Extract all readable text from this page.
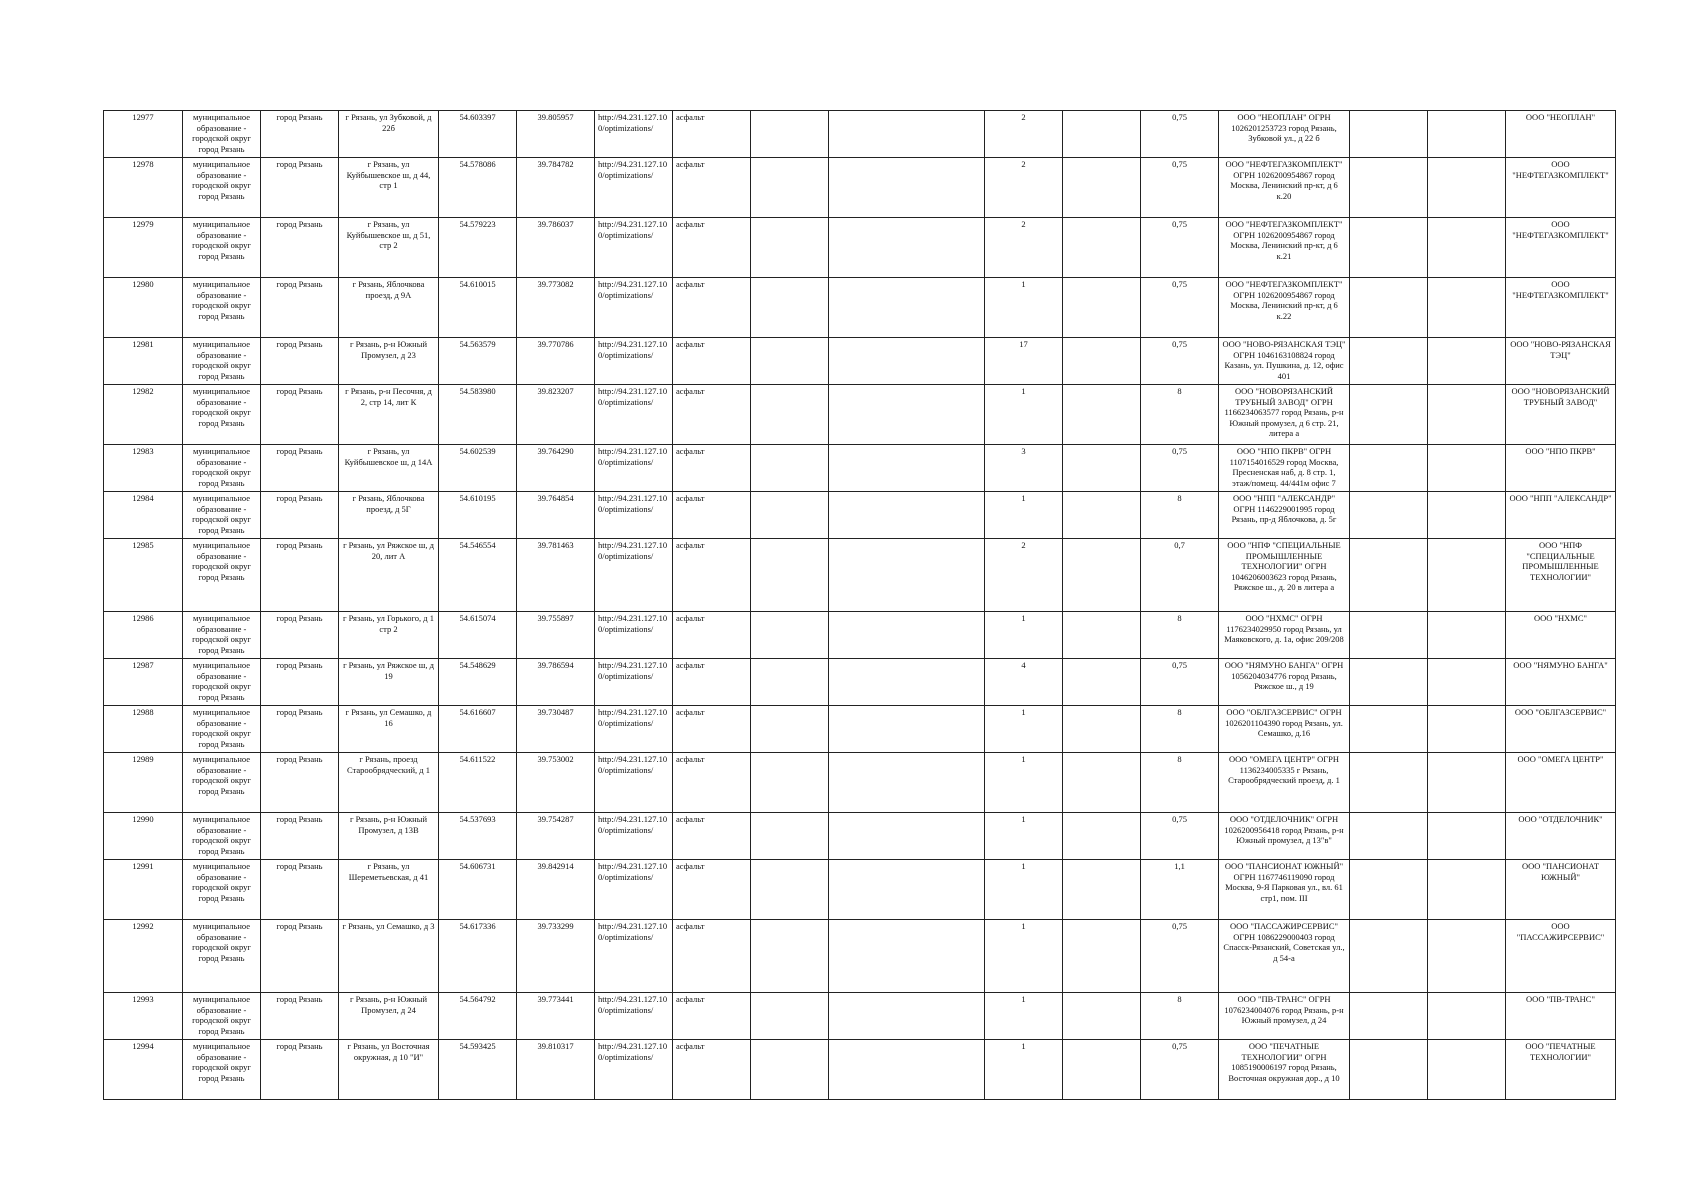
12977	муниципальное образование - городской округ город Рязань	город Рязань	г Рязань, ул Зубковой, д 22б	54.603397	39.805957	http://94.231.127.100/optimizations/	асфальт			2		0,75	ООО "НЕОПЛАН" ОГРН 1026201253723 город Рязань, Зубковой ул., д 22 б			ООО "НЕОПЛАН"
12978	муниципальное образование - городской округ город Рязань	город Рязань	г Рязань, ул Куйбышевское ш, д 44, стр 1	54.578086	39.784782	http://94.231.127.100/optimizations/	асфальт			2		0,75	ООО "НЕФТЕГАЗКОМПЛЕКТ" ОГРН 1026200954867 город Москва, Ленинский пр-кт, д 6 к.20			ООО "НЕФТЕГАЗКОМПЛЕКТ"
12979	муниципальное образование - городской округ город Рязань	город Рязань	г Рязань, ул Куйбышевское ш, д 51, стр 2	54.579223	39.786037	http://94.231.127.100/optimizations/	асфальт			2		0,75	ООО "НЕФТЕГАЗКОМПЛЕКТ" ОГРН 1026200954867 город Москва, Ленинский пр-кт, д 6 к.21			ООО "НЕФТЕГАЗКОМПЛЕКТ"
12980	муниципальное образование - городской округ город Рязань	город Рязань	г Рязань, Яблочкова проезд, д 9А	54.610015	39.773082	http://94.231.127.100/optimizations/	асфальт			1		0,75	ООО "НЕФТЕГАЗКОМПЛЕКТ" ОГРН 1026200954867 город Москва, Ленинский пр-кт, д 6 к.22			ООО "НЕФТЕГАЗКОМПЛЕКТ"
12981	муниципальное образование - городской округ город Рязань	город Рязань	г Рязань, р-н Южный Промузел, д 23	54.563579	39.770786	http://94.231.127.100/optimizations/	асфальт			17		0,75	ООО "НОВО-РЯЗАНСКАЯ ТЭЦ" ОГРН 1046163108824 город Казань, ул. Пушкина, д. 12, офис 401			ООО "НОВО-РЯЗАНСКАЯ ТЭЦ"
12982	муниципальное образование - городской округ город Рязань	город Рязань	г Рязань, р-н Песочня, д 2, стр 14, лит К	54.583980	39.823207	http://94.231.127.100/optimizations/	асфальт			1		8	ООО "НОВОРЯЗАНСКИЙ ТРУБНЫЙ ЗАВОД" ОГРН 1166234063577 город Рязань, р-н Южный промузел, д 6 стр. 21, литера а			ООО "НОВОРЯЗАНСКИЙ ТРУБНЫЙ ЗАВОД"
12983	муниципальное образование - городской округ город Рязань	город Рязань	г Рязань, ул Куйбышевское ш, д 14А	54.602539	39.764290	http://94.231.127.100/optimizations/	асфальт			3		0,75	ООО "НПО ПКРВ" ОГРН 1107154016529 город Москва, Пресненская наб, д. 8 стр. 1, этаж/помещ. 44/441м офис 7			ООО "НПО ПКРВ"
12984	муниципальное образование - городской округ город Рязань	город Рязань	г Рязань, Яблочкова проезд, д 5Г	54.610195	39.764854	http://94.231.127.100/optimizations/	асфальт			1		8	ООО "НПП "АЛЕКСАНДР" ОГРН 1146229001995 город Рязань, пр-д Яблочкова, д. 5г			ООО "НПП "АЛЕКСАНДР"
12985	муниципальное образование - городской округ город Рязань	город Рязань	г Рязань, ул Ряжское ш, д 20, лит А	54.546554	39.781463	http://94.231.127.100/optimizations/	асфальт			2		0,7	ООО "НПФ "СПЕЦИАЛЬНЫЕ ПРОМЫШЛЕННЫЕ ТЕХНОЛОГИИ" ОГРН 1046206003623 город Рязань, Ряжское ш., д. 20 в литера а			ООО "НПФ "СПЕЦИАЛЬНЫЕ ПРОМЫШЛЕННЫЕ ТЕХНОЛОГИИ"
12986	муниципальное образование - городской округ город Рязань	город Рязань	г Рязань, ул Горького, д 1 стр 2	54.615074	39.755897	http://94.231.127.100/optimizations/	асфальт			1		8	ООО "НХМС" ОГРН 1176234029950 город Рязань, ул Маяковского, д. 1а, офис 209/208			ООО "НХМС"
12987	муниципальное образование - городской округ город Рязань	город Рязань	г Рязань, ул Ряжское ш, д 19	54.548629	39.786594	http://94.231.127.100/optimizations/	асфальт			4		0,75	ООО "НЯМУНО БАНГА" ОГРН 1056204034776 город Рязань, Ряжское ш., д 19			ООО "НЯМУНО БАНГА"
12988	муниципальное образование - городской округ город Рязань	город Рязань	г Рязань, ул Семашко, д 16	54.616607	39.730487	http://94.231.127.100/optimizations/	асфальт			1		8	ООО "ОБЛГАЗСЕРВИС" ОГРН 1026201104390 город Рязань, ул. Семашко, д.16			ООО "ОБЛГАЗСЕРВИС"
12989	муниципальное образование - городской округ город Рязань	город Рязань	г Рязань, проезд Старообрядческий, д 1	54.611522	39.753002	http://94.231.127.100/optimizations/	асфальт			1		8	ООО "ОМЕГА ЦЕНТР" ОГРН 1136234005335 г Рязань, Старообрядческий проезд, д. 1			ООО "ОМЕГА ЦЕНТР"
12990	муниципальное образование - городской округ город Рязань	город Рязань	г Рязань, р-н Южный Промузел, д 13В	54.537693	39.754287	http://94.231.127.100/optimizations/	асфальт			1		0,75	ООО "ОТДЕЛОЧНИК" ОГРН 1026200956418 город Рязань, р-н Южный промузел, д 13"в"			ООО "ОТДЕЛОЧНИК"
12991	муниципальное образование - городской округ город Рязань	город Рязань	г Рязань, ул Шереметьевская, д 41	54.606731	39.842914	http://94.231.127.100/optimizations/	асфальт			1		1,1	ООО "ПАНСИОНАТ ЮЖНЫЙ" ОГРН 1167746119090 город Москва, 9-Я Парковая ул., вл. 61 стр1, пом. III			ООО "ПАНСИОНАТ ЮЖНЫЙ"
12992	муниципальное образование - городской округ город Рязань	город Рязань	г Рязань, ул Семашко, д 3	54.617336	39.733299	http://94.231.127.100/optimizations/	асфальт			1		0,75	ООО "ПАССАЖИРСЕРВИС" ОГРН 1086229000403 город Спасск-Рязанский, Советская ул., д 54-а			ООО "ПАССАЖИРСЕРВИС"
12993	муниципальное образование - городской округ город Рязань	город Рязань	г Рязань, р-н Южный Промузел, д 24	54.564792	39.773441	http://94.231.127.100/optimizations/	асфальт			1		8	ООО "ПВ-ТРАНС" ОГРН 1076234004076 город Рязань, р-н Южный промузел, д 24			ООО "ПВ-ТРАНС"
12994	муниципальное образование - городской округ город Рязань	город Рязань	г Рязань, ул Восточная окружная, д 10 "И"	54.593425	39.810317	http://94.231.127.100/optimizations/	асфальт			1		0,75	ООО "ПЕЧАТНЫЕ ТЕХНОЛОГИИ" ОГРН 1085190006197 город Рязань, Восточная окружная дор., д 10			ООО "ПЕЧАТНЫЕ ТЕХНОЛОГИИ"
